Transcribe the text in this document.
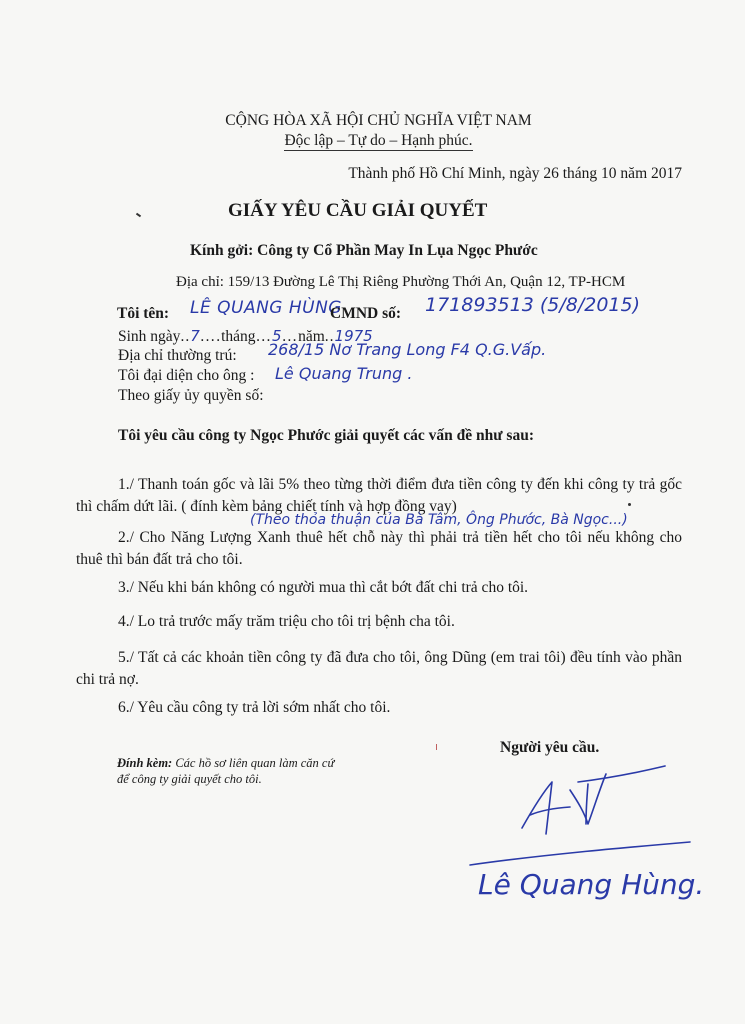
CỘNG HÒA XÃ HỘI CHỦ NGHĨA VIỆT NAM
Độc lập – Tự do – Hạnh phúc.
Thành phố Hồ Chí Minh, ngày 26 tháng 10 năm 2017
GIẤY YÊU CẦU GIẢI QUYẾT
Kính gởi: Công ty Cổ Phần May In Lụa Ngọc Phước
Địa chỉ: 159/13 Đường Lê Thị Riêng Phường Thới An, Quận 12, TP-HCM
Tôi tên: LÊ QUANG HÙNG
CMND số: 171893513 (5/8/2015)
Sinh ngày..7….tháng…5…năm..1975
Địa chỉ thường trú: 268/15 Nơ Trang Long F4 Q.G.Vấp.
Tôi đại diện cho ông : Lê Quang Trung .
Theo giấy ủy quyền số:
Tôi yêu cầu công ty Ngọc Phước giải quyết các vấn đề như sau:
1./ Thanh toán gốc và lãi 5% theo từng thời điểm đưa tiền công ty đến khi công ty trả gốc thì chấm dứt lãi. ( đính kèm bảng chiết tính và hợp đồng vay)
(Theo thỏa thuận của Bà Tâm, Ông Phước, Bà Ngọc...)
2./ Cho Năng Lượng Xanh thuê hết chỗ này thì phải trả tiền hết cho tôi nếu không cho thuê thì bán đất trả cho tôi.
3./ Nếu khi bán không có người mua thì cắt bớt đất chi trả cho tôi.
4./ Lo trả trước mấy trăm triệu cho tôi trị bệnh cha tôi.
5./ Tất cả các khoản tiền công ty đã đưa cho tôi, ông Dũng (em trai tôi) đều tính vào phần chi trả nợ.
6./ Yêu cầu công ty trả lời sớm nhất cho tôi.
Đính kèm: Các hồ sơ liên quan làm căn cứ
để công ty giải quyết cho tôi.
Người yêu cầu.
Lê Quang Hùng.
